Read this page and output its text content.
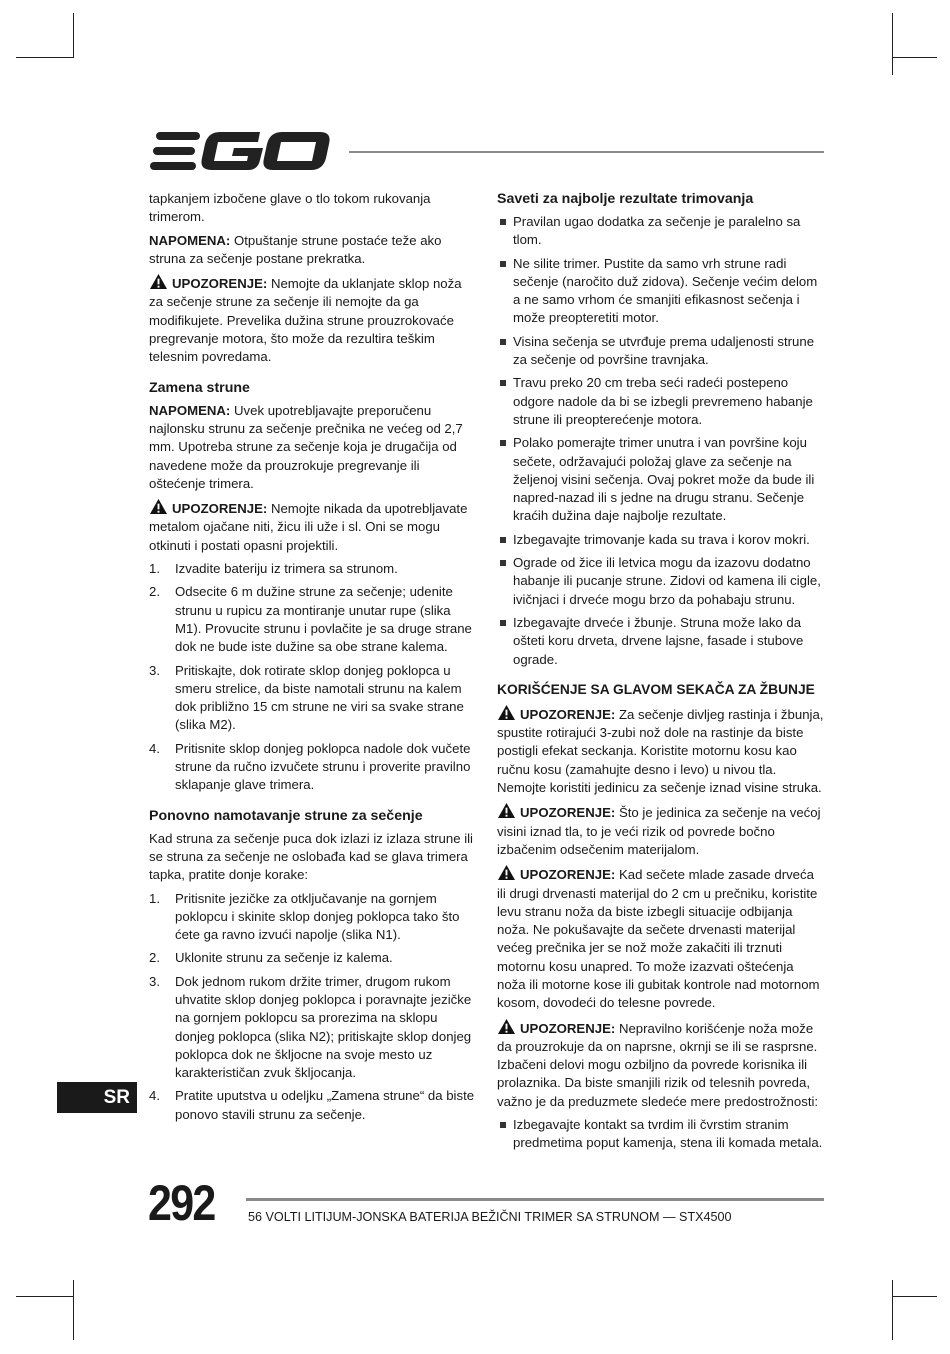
tapkanjem izbočene glave o tlo tokom rukovanja trimerom.

NAPOMENA: Otpuštanje strune postaće teže ako struna za sečenje postane prekratka.

UPOZORENJE: Nemojte da uklanjate sklop noža za sečenje strune za sečenje ili nemojte da ga modifikujete. Prevelika dužina strune prouzrokovaće pregrevanje motora, što može da rezultira teškim telesnim povredama.

Zamena strune

NAPOMENA: Uvek upotrebljavajte preporučenu najlonsku strunu za sečenje prečnika ne većeg od 2,7 mm. Upotreba strune za sečenje koja je drugačija od navedene može da prouzrokuje pregrevanje ili oštećenje trimera.

UPOZORENJE: Nemojte nikada da upotrebljavate metalom ojačane niti, žicu ili uže i sl. Oni se mogu otkinuti i postati opasni projektili.

1. Izvadite bateriju iz trimera sa strunom.
2. Odsecite 6 m dužine strune za sečenje; udenite strunu u rupicu za montiranje unutar rupe (slika M1). Provucite strunu i povlačite je sa druge strane dok ne bude iste dužine sa obe strane kalema.
3. Pritiskajte, dok rotirate sklop donjeg poklopca u smeru strelice, da biste namotali strunu na kalem dok približno 15 cm strune ne viri sa svake strane (slika M2).
4. Pritisnite sklop donjeg poklopca nadole dok vučete strune da ručno izvučete strunu i proverite pravilno sklapanje glave trimera.
Ponovno namotavanje strune za sečenje

Kad struna za sečenje puca dok izlazi iz izlaza strune ili se struna za sečenje ne oslobađa kad se glava trimera tapka, pratite donje korake:

1. Pritisnite jezičke za otključavanje na gornjem poklopcu i skinite sklop donjeg poklopca tako što ćete ga ravno izvući napolje (slika N1).
2. Uklonite strunu za sečenje iz kalema.
3. Dok jednom rukom držite trimer, drugom rukom uhvatite sklop donjeg poklopca i poravnajte jezičke na gornjem poklopcu sa prorezima na sklopu donjeg poklopca (slika N2); pritiskajte sklop donjeg poklopca dok ne škljocne na svoje mesto uz karakterističan zvuk škljocanja.
4. Pratite uputstva u odeljku „Zamena strune“ da biste ponovo stavili strunu za sečenje.
Saveti za najbolje rezultate trimovanja
Pravilan ugao dodatka za sečenje je paralelno sa tlom.
Ne silite trimer. Pustite da samo vrh strune radi sečenje (naročito duž zidova). Sečenje većim delom a ne samo vrhom će smanjiti efikasnost sečenja i može preopteretiti motor.
Visina sečenja se utvrđuje prema udaljenosti strune za sečenje od površine travnjaka.
Travu preko 20 cm treba seći radeći postepeno odgore nadole da bi se izbegli prevremeno habanje strune ili preopterećenje motora.
Polako pomerajte trimer unutra i van površine koju sečete, održavajući položaj glave za sečenje na željenoj visini sečenja. Ovaj pokret može da bude ili napred-nazad ili s jedne na drugu stranu. Sečenje kraćih dužina daje najbolje rezultate.
Izbegavajte trimovanje kada su trava i korov mokri.
Ograde od žice ili letvica mogu da izazovu dodatno habanje ili pucanje strune. Zidovi od kamena ili cigle, ivičnjaci i drveće mogu brzo da pohabaju strunu.
Izbegavajte drveće i žbunje. Struna može lako da ošteti koru drveta, drvene lajsne, fasade i stubove ograde.
KORIŠĆENJE SA GLAVOM SEKAČA ZA ŽBUNJE

UPOZORENJE: Za sečenje divljeg rastinja i žbunja, spustite rotirajući 3-zubi nož dole na rastinje da biste postigli efekat seckanja. Koristite motornu kosu kao ručnu kosu (zamahujte desno i levo) u nivou tla. Nemojte koristiti jedinicu za sečenje iznad visine struka.

UPOZORENJE: Što je jedinica za sečenje na većoj visini iznad tla, to je veći rizik od povrede bočno izbačenim odsečenim materijalom.

UPOZORENJE: Kad sečete mlade zasade drveća ili drugi drvenasti materijal do 2 cm u prečniku, koristite levu stranu noža da biste izbegli situacije odbijanja noža. Ne pokušavajte da sečete drvenasti materijal većeg prečnika jer se nož može zakačiti ili trznuti motornu kosu unapred. To može izazvati oštećenja noža ili motorne kose ili gubitak kontrole nad motornom kosom, dovodeći do telesne povrede.

UPOZORENJE: Nepravilno korišćenje noža može da prouzrokuje da on naprsne, okrnji se ili se rasprsne. Izbačeni delovi mogu ozbiljno da povrede korisnika ili prolaznika. Da biste smanjili rizik od telesnih povreda, važno je da preduzmete sledeće mere predostrožnosti:

Izbegavajte kontakt sa tvrdim ili čvrstim stranim predmetima poput kamenja, stena ili komada metala.
SR
292	56 VOLTI LITIJUM-JONSKA BATERIJA BEŽIČNI TRIMER SA STRUNOM — STX4500
